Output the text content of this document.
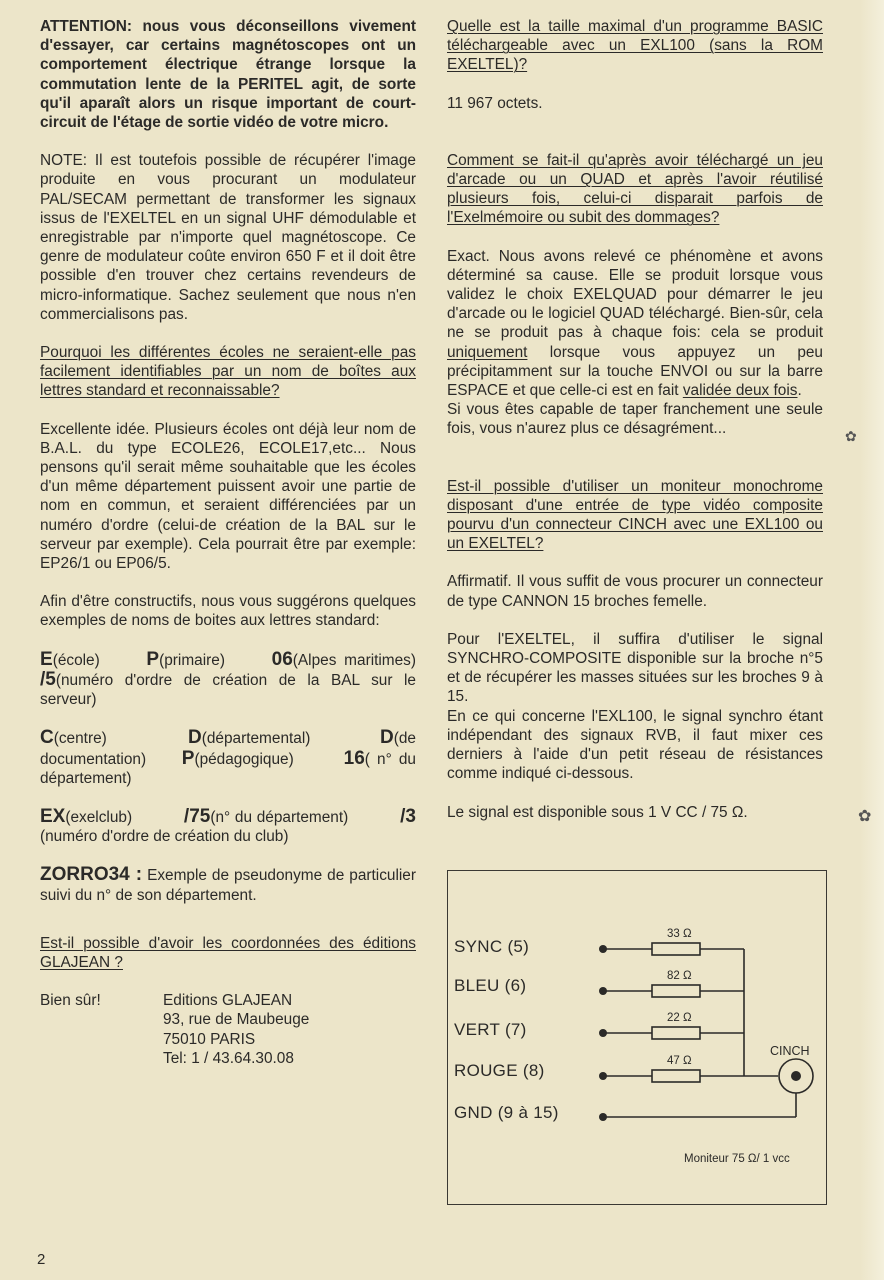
ATTENTION: nous vous déconseillons vivement d'essayer, car certains magnétoscopes ont un comportement électrique étrange lorsque la commutation lente de la PERITEL agit, de sorte qu'il aparaît alors un risque important de court-circuit de l'étage de sortie vidéo de votre micro.

NOTE: Il est toutefois possible de récupérer l'image produite en vous procurant un modulateur PAL/SECAM permettant de transformer les signaux issus de l'EXELTEL en un signal UHF démodulable et enregistrable par n'importe quel magnétoscope. Ce genre de modulateur coûte environ 650 F et il doit être possible d'en trouver chez certains revendeurs de micro-informatique. Sachez seulement que nous n'en commercialisons pas.

Pourquoi les différentes écoles ne seraient-elle pas facilement identifiables par un nom de boîtes aux lettres standard et reconnaissable?

Excellente idée. Plusieurs écoles ont déjà leur nom de B.A.L. du type ECOLE26, ECOLE17,etc... Nous pensons qu'il serait même souhaitable que les écoles d'un même département puissent avoir une partie de nom en commun, et seraient différenciées par un numéro d'ordre (celui-de création de la BAL sur le serveur par exemple). Cela pourrait être par exemple: EP26/1 ou EP06/5.

Afin d'être constructifs, nous vous suggérons quelques exemples de noms de boites aux lettres standard:

E(école) P(primaire) 06(Alpes maritimes) /5(numéro d'ordre de création de la BAL sur le serveur)

C(centre)	D(départemental)	D(de documentation) P(pédagogique)	16( n° du département)

EX(exelclub)	/75(n° du département)	/3 (numéro d'ordre de création du club)

ZORRO34 : Exemple de pseudonyme de particulier suivi du n° de son département.

Est-il possible d'avoir les coordonnées des éditions GLAJEAN ?

Bien sûr!	Editions GLAJEAN
93, rue de Maubeuge
75010 PARIS
Tel: 1 / 43.64.30.08

Quelle est la taille maximal d'un programme BASIC téléchargeable avec un EXL100 (sans la ROM EXELTEL)?

11 967 octets.

Comment se fait-il qu'après avoir téléchargé un jeu d'arcade ou un QUAD et après l'avoir réutilisé plusieurs fois, celui-ci disparait parfois de l'Exelmémoire ou subit des dommages?

Exact. Nous avons relevé ce phénomène et avons déterminé sa cause. Elle se produit lorsque vous validez le choix EXELQUAD pour démarrer le jeu d'arcade ou le logiciel QUAD téléchargé. Bien-sûr, cela ne se produit pas à chaque fois: cela se produit uniquement lorsque vous appuyez un peu précipitamment sur la touche ENVOI ou sur la barre ESPACE et que celle-ci est en fait validée deux fois.

Si vous êtes capable de taper franchement une seule fois, vous n'aurez plus ce désagrément...

Est-il possible d'utiliser un moniteur monochrome disposant d'une entrée de type vidéo composite pourvu d'un connecteur CINCH avec une EXL100 ou un EXELTEL?

Affirmatif. Il vous suffit de vous procurer un connecteur de type CANNON 15 broches femelle.

Pour l'EXELTEL, il suffira d'utiliser le signal SYNCHRO-COMPOSITE disponible sur la broche n°5 et de récupérer les masses situées sur les broches 9 à 15.

En ce qui concerne l'EXL100, le signal synchro étant indépendant des signaux RVB, il faut mixer ces derniers à l'aide d'un petit réseau de résistances comme indiqué ci-dessous.

Le signal est disponible sous 1 V CC / 75 Ω.

SYNC (5)
BLEU (6)
VERT (7)
ROUGE (8)
GND (9 à 15)
33 Ω
82 Ω
22 Ω
47 Ω
CINCH
Moniteur 75 Ω/ 1 vcc
✿
✿
2
